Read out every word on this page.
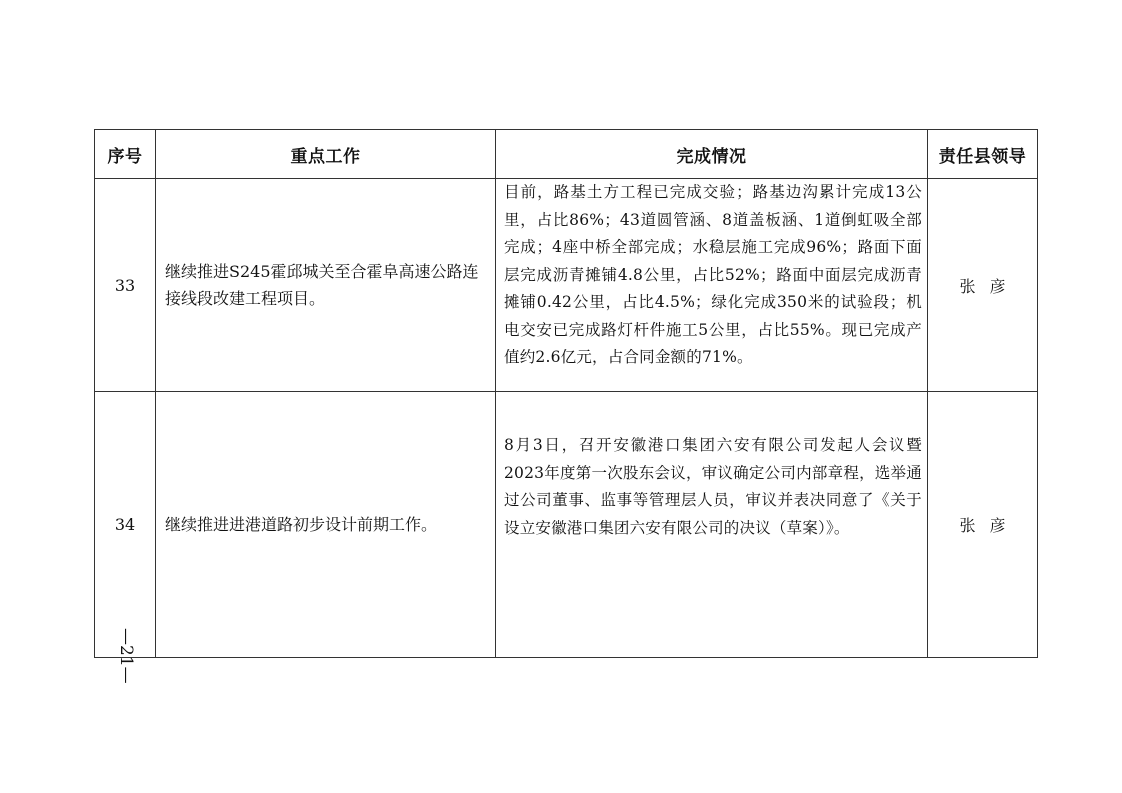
序号	重点工作	完成情况	责任县领导
33	继续推进S245霍邱城关至合霍阜高速公路连接线段改建工程项目。	目前，路基土方工程已完成交验；路基边沟累计完成13公里，占比86%；43道圆管涵、8道盖板涵、1道倒虹吸全部完成；4座中桥全部完成；水稳层施工完成96%；路面下面层完成沥青摊铺4.8公里，占比52%；路面中面层完成沥青摊铺0.42公里，占比4.5%；绿化完成350米的试验段；机电交安已完成路灯杆件施工5公里，占比55%。现已完成产值约2.6亿元，占合同金额的71%。	张彦
34	继续推进进港道路初步设计前期工作。	8月3日，召开安徽港口集团六安有限公司发起人会议暨2023年度第一次股东会议，审议确定公司内部章程，选举通过公司董事、监事等管理层人员，审议并表决同意了《关于设立安徽港口集团六安有限公司的决议（草案）》。	张彦
—21—
